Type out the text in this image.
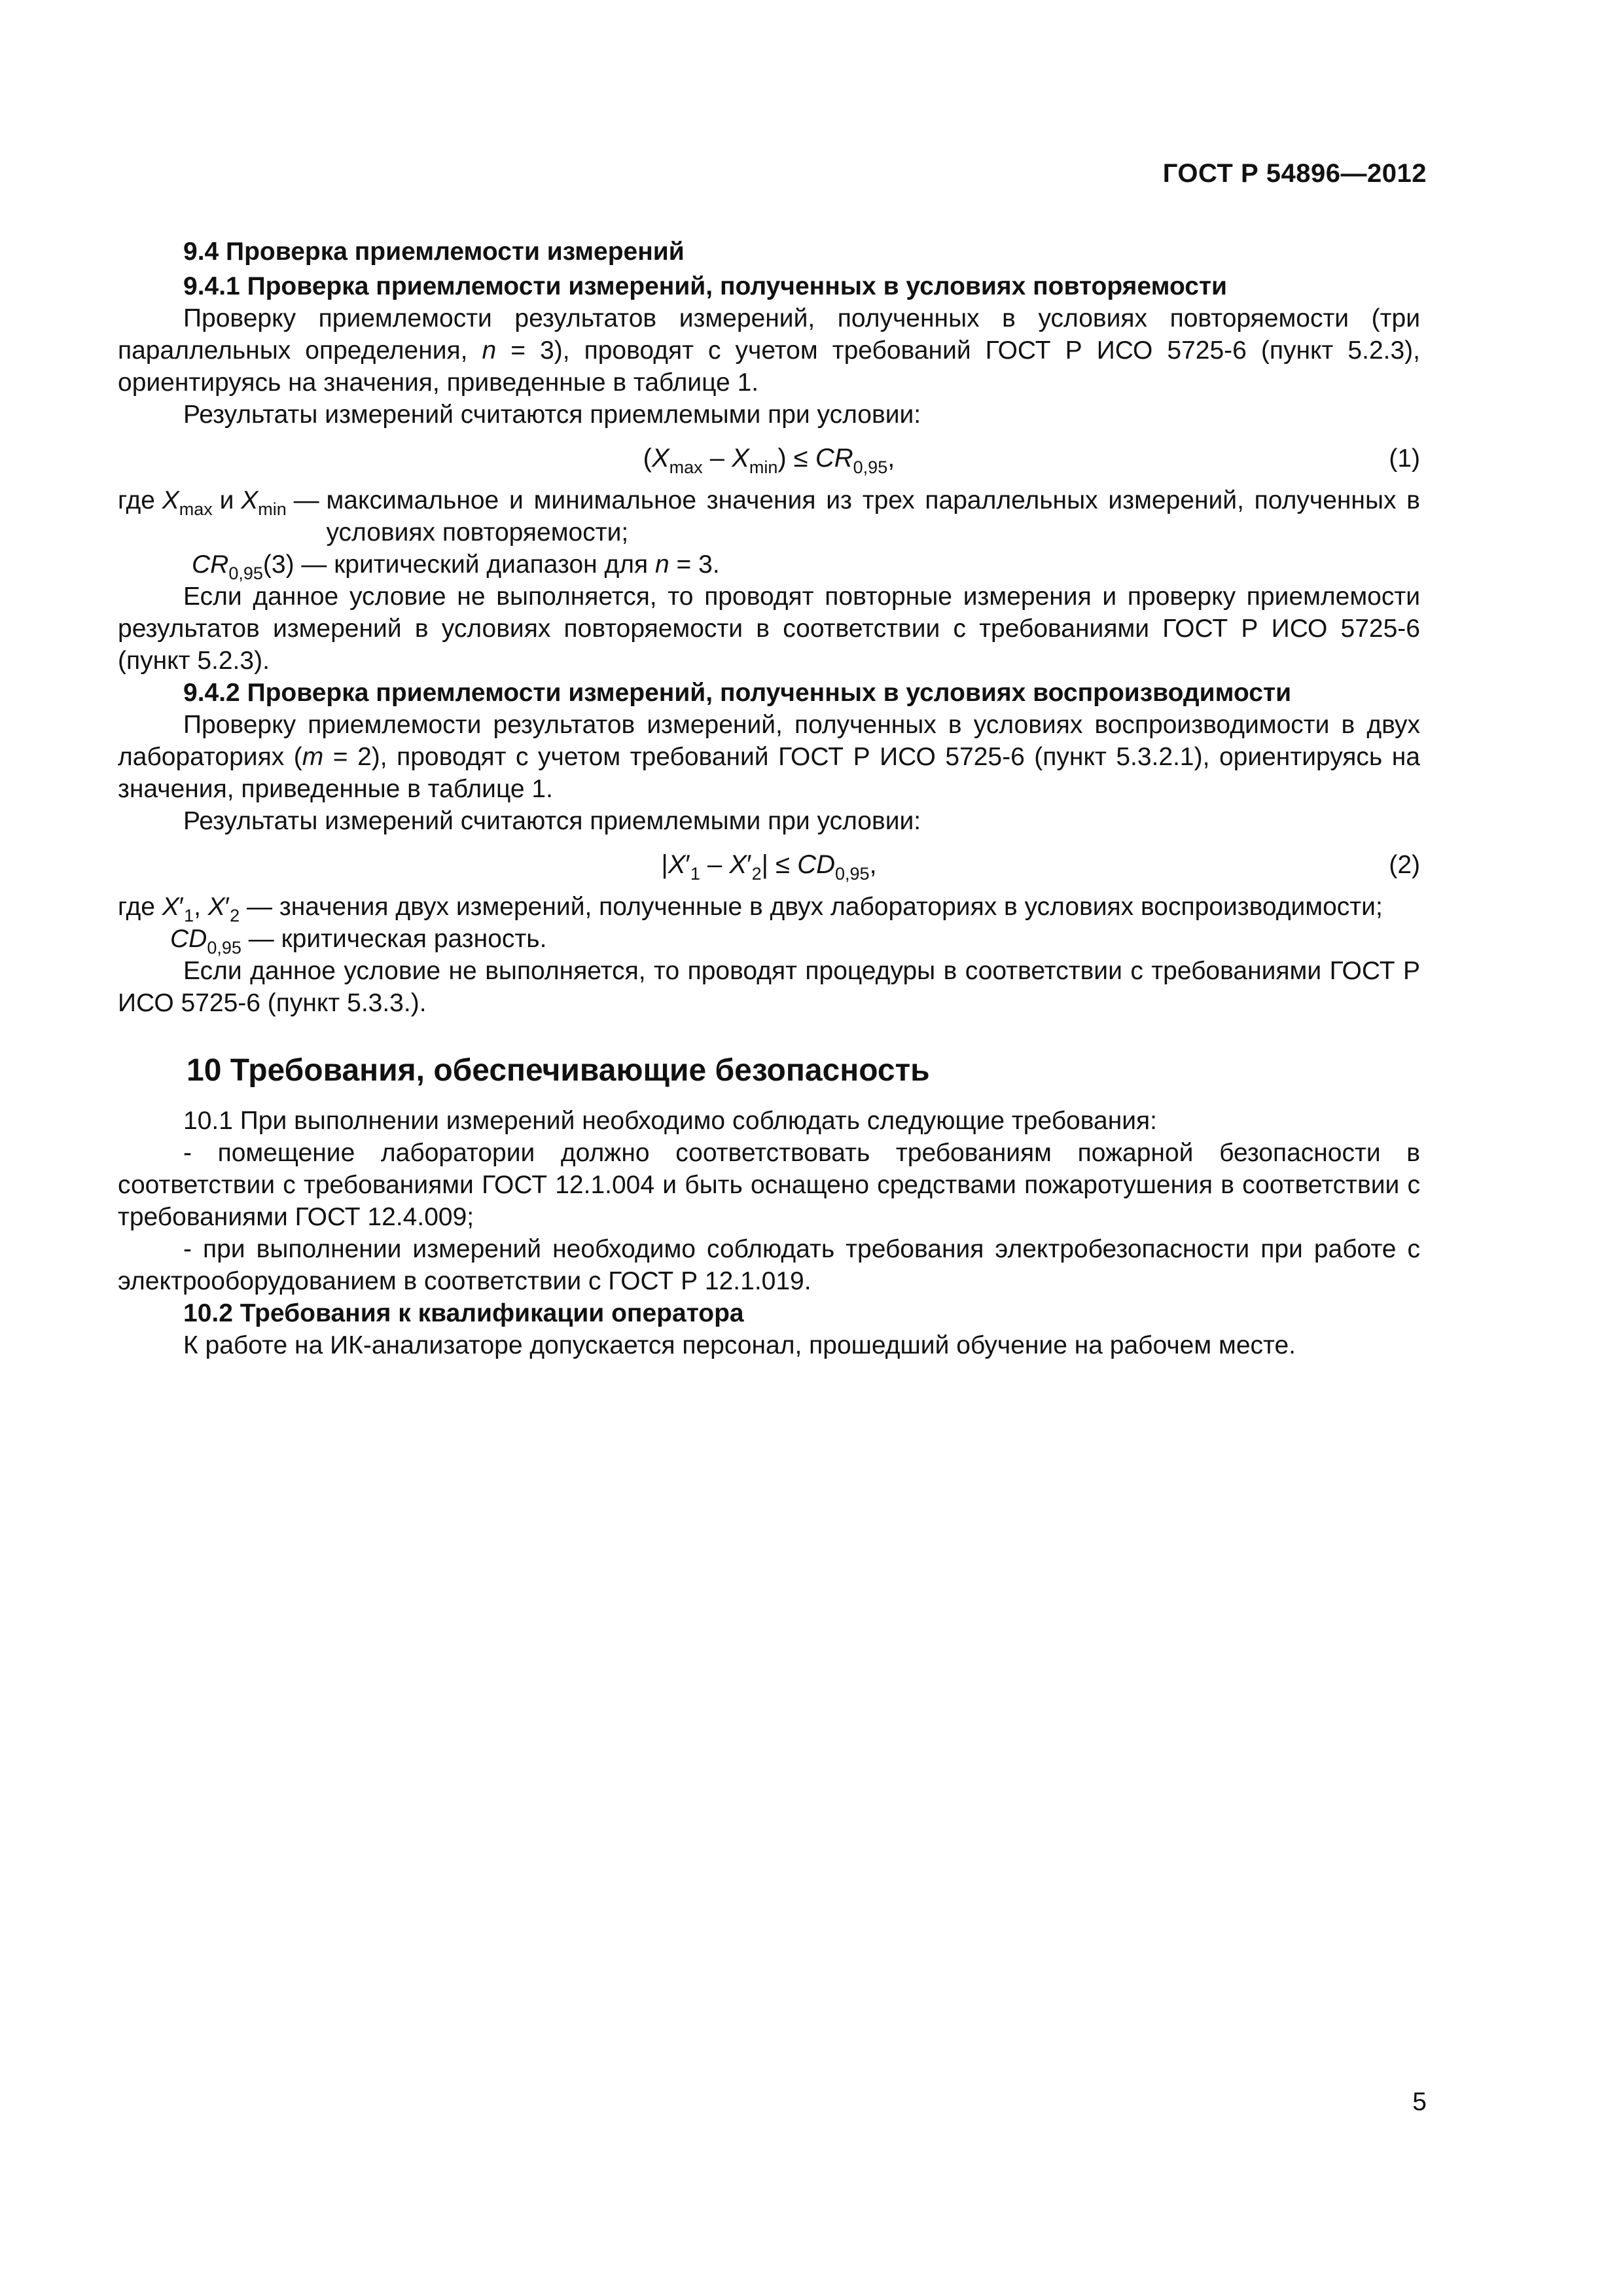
ГОСТ Р 54896—2012

9.4 Проверка приемлемости измерений

9.4.1 Проверка приемлемости измерений, полученных в условиях повторяемости

Проверку приемлемости результатов измерений, полученных в условиях повторяемости (три параллельных определения, n = 3), проводят с учетом требований ГОСТ Р ИСО 5725-6 (пункт 5.2.3), ориентируясь на значения, приведенные в таблице 1.

Результаты измерений считаются приемлемыми при условии:

$(X_{max} - X_{min}) \le CR_{0,95}$,	(1)
где $X_{max}$ и $X_{min}$ — максимальное и минимальное значения из трех параллельных измерений, полученных в условиях повторяемости;

$CR_{0,95}(3)$ — критический диапазон для n = 3.

Если данное условие не выполняется, то проводят повторные измерения и проверку приемлемости результатов измерений в условиях повторяемости в соответствии с требованиями ГОСТ Р ИСО 5725-6 (пункт 5.2.3).

9.4.2 Проверка приемлемости измерений, полученных в условиях воспроизводимости

Проверку приемлемости результатов измерений, полученных в условиях воспроизводимости в двух лабораториях (m = 2), проводят с учетом требований ГОСТ Р ИСО 5725-6 (пункт 5.3.2.1), ориентируясь на значения, приведенные в таблице 1.

Результаты измерений считаются приемлемыми при условии:

$|X'_1 - X'_2| \le CD_{0,95}$,	(2)
где $X'_1$, $X'_2$ — значения двух измерений, полученные в двух лабораториях в условиях воспроизводимости;

$CD_{0,95}$ — критическая разность.

Если данное условие не выполняется, то проводят процедуры в соответствии с требованиями ГОСТ Р ИСО 5725-6 (пункт 5.3.3.).

10 Требования, обеспечивающие безопасность

10.1 При выполнении измерений необходимо соблюдать следующие требования:

- помещение лаборатории должно соответствовать требованиям пожарной безопасности в соответствии с требованиями ГОСТ 12.1.004 и быть оснащено средствами пожаротушения в соответствии с требованиями ГОСТ 12.4.009;

- при выполнении измерений необходимо соблюдать требования электробезопасности при работе с электрооборудованием в соответствии с ГОСТ Р 12.1.019.

10.2 Требования к квалификации оператора

К работе на ИК-анализаторе допускается персонал, прошедший обучение на рабочем месте.

5
